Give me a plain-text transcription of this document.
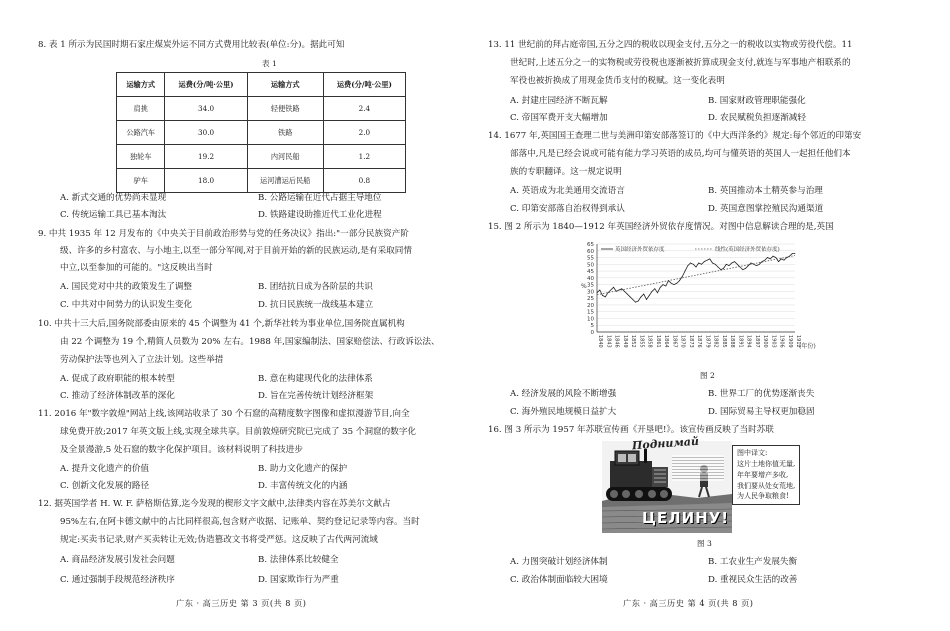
8. 表 1 所示为民国时期石家庄煤炭外运不同方式费用比较表(单位:分)。据此可知
表 1
运输方式	运费(分/吨·公里)	运输方式	运费(分/吨·公里)
肩挑	34.0	轻便铁路	2.4
公路汽车	30.0	铁路	2.0
独轮车	19.2	内河民船	1.2
驴车	18.0	运河漕运后民船	0.8
A. 新式交通的优势尚未显现	B. 公路运输在近代占据主导地位
C. 传统运输工具已基本淘汰	D. 铁路建设助推近代工业化进程
9. 中共 1935 年 12 月发布的《中央关于目前政治形势与党的任务决议》指出:"一部分民族资产阶
级、许多的乡村富农、与小地主,以至一部分军阀,对于目前开始的新的民族运动,是有采取同情
中立,以至参加的可能的。"这反映出当时
A. 国民党对中共的政策发生了调整	B. 团结抗日成为各阶层的共识
C. 中共对中间势力的认识发生变化	D. 抗日民族统一战线基本建立
10. 中共十三大后,国务院部委由原来的 45 个调整为 41 个,新华社转为事业单位,国务院直属机构
由 22 个调整为 19 个,精简人员数为 20% 左右。1988 年,国家编制法、国家赔偿法、行政诉讼法、
劳动保护法等也列入了立法计划。这些举措
A. 促成了政府职能的根本转型	B. 意在构建现代化的法律体系
C. 推动了经济体制改革的深化	D. 旨在完善传统计划经济框架
11. 2016 年"数字敦煌"网站上线,该网站收录了 30 个石窟的高精度数字图像和虚拟漫游节目,向全
球免费开放;2017 年英文版上线,实现全球共享。目前敦煌研究院已完成了 35 个洞窟的数字化
及全景漫游,5 处石窟的数字化保护项目。该材料说明了科技进步
A. 提升文化遗产的价值	B. 助力文化遗产的保护
C. 创新文化发展的路径	D. 丰富传统文化的内涵
12. 据英国学者 H. W. F. 萨格斯估算,迄今发现的楔形文字文献中,法律类内容在苏美尔文献占
95%左右,在阿卡德文献中的占比同样很高,包含财产收据、记账单、契约登记记录等内容。当时
规定:买卖书记录,财产买卖转让无效;伪造篡改文书将受严惩。这反映了古代两河流域
A. 商品经济发展引发社会问题	B. 法律体系比较健全
C. 通过强制手段规范经济秩序	D. 国家欺诈行为严重
广东 · 高三历史 第 3 页(共 8 页)
13. 11 世纪前的拜占庭帝国,五分之四的税收以现金支付,五分之一的税收以实物或劳役代偿。11
世纪时,上述五分之一的实物税或劳役税也逐渐被折算成现金支付,就连与军事地产相联系的
军役也被折换成了用现金货币支付的税赋。这一变化表明
A. 封建庄园经济不断瓦解	B. 国家财政管理职能强化
C. 帝国军费开支大幅增加	D. 农民赋税负担逐渐减轻
14. 1677 年,英国国王查理二世与美洲印第安部落签订的《中大西洋条约》规定:每个邻近的印第安
部落中,凡是已经会说或可能有能力学习英语的成员,均可与懂英语的英国人一起担任他们本
族的专职翻译。这一规定说明
A. 英语成为北美通用交流语言	B. 英国推动本土精英参与治理
C. 印第安部落自治权得到承认	D. 英国意图掌控殖民沟通渠道
15. 图 2 所示为 1840—1912 年英国经济外贸依存度情况。对图中信息解读合理的是,英国
0
5
10
15
20
25
30
35
40
45
50
55
60
65
%
1840 1843 1846 1849 1852 1855 1858 1861 1864 1867 1870 1873 1876 1879 1882 1885 1888 1891 1894 1897 1900 1903 1906 1909 1912
(年份)
英国经济外贸依存度	线性(英国经济外贸依存度)
图 2
A. 经济发展的风险不断增强	B. 世界工厂的优势逐渐丧失
C. 海外殖民地规模日益扩大	D. 国际贸易主导权更加稳固
16. 图 3 所示为 1957 年苏联宣传画《开垦吧!》。该宣传画反映了当时苏联
Поднимай
ЦЕЛИНУ!
图中译文:
这片土地你值无量,
年年要增产多收,
我们要从处女荒地,
为人民争取粮食!
图 3
A. 力图突破计划经济体制	B. 工农业生产发展失衡
C. 政治体制面临较大困境	D. 重视民众生活的改善
广东 · 高三历史 第 4 页(共 8 页)
